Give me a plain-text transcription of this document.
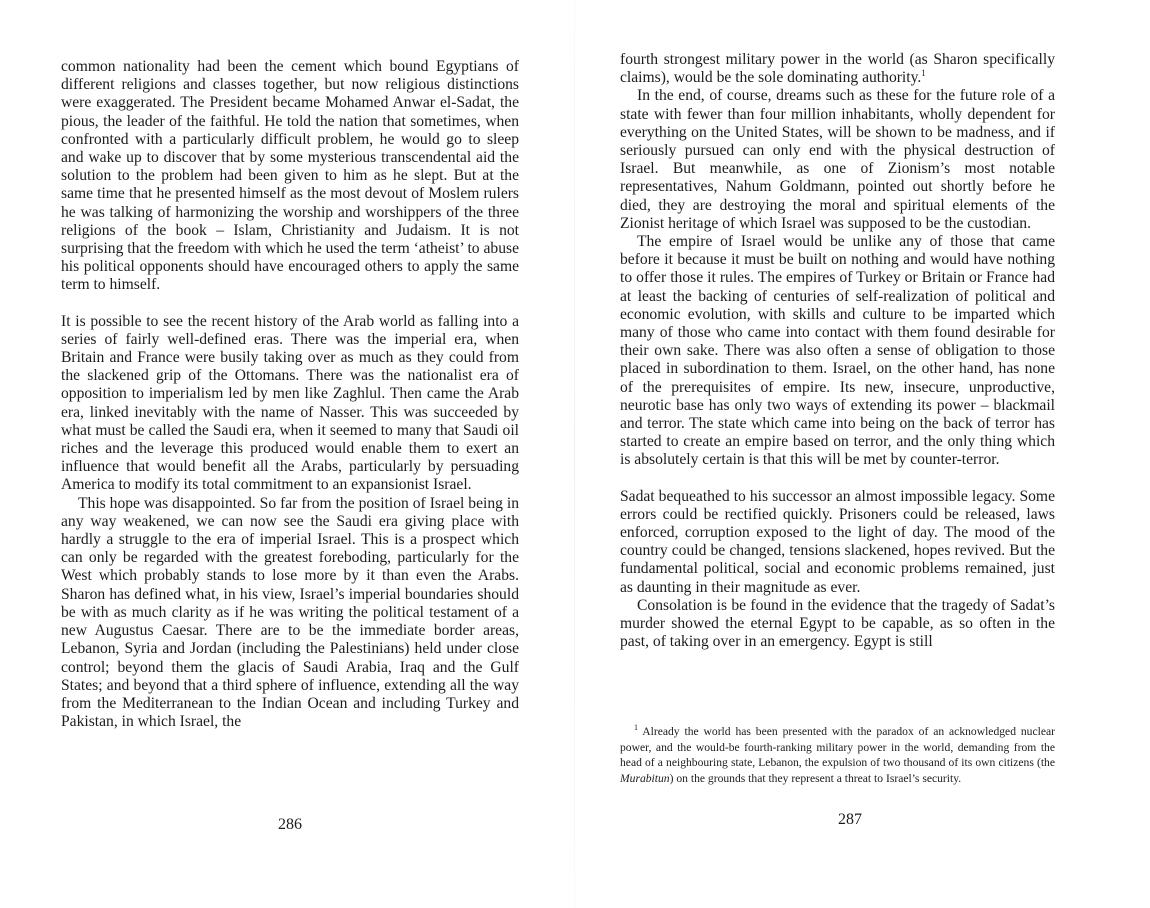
common nationality had been the cement which bound Egyptians of different religions and classes together, but now religious distinctions were exaggerated. The President became Mohamed Anwar el-Sadat, the pious, the leader of the faithful. He told the nation that sometimes, when confronted with a particularly difficult problem, he would go to sleep and wake up to discover that by some mysterious transcendental aid the solution to the problem had been given to him as he slept. But at the same time that he presented himself as the most devout of Moslem rulers he was talking of harmonizing the worship and worshippers of the three religions of the book – Islam, Christianity and Judaism. It is not surprising that the freedom with which he used the term ‘atheist’ to abuse his political opponents should have encouraged others to apply the same term to himself.

It is possible to see the recent history of the Arab world as falling into a series of fairly well-defined eras. There was the imperial era, when Britain and France were busily taking over as much as they could from the slackened grip of the Ottomans. There was the nationalist era of opposition to imperialism led by men like Zaghlul. Then came the Arab era, linked inevitably with the name of Nasser. This was succeeded by what must be called the Saudi era, when it seemed to many that Saudi oil riches and the leverage this produced would enable them to exert an influence that would benefit all the Arabs, particularly by persuading America to modify its total commitment to an expansionist Israel.

This hope was disappointed. So far from the position of Israel being in any way weakened, we can now see the Saudi era giving place with hardly a struggle to the era of imperial Israel. This is a prospect which can only be regarded with the greatest foreboding, particularly for the West which probably stands to lose more by it than even the Arabs. Sharon has defined what, in his view, Israel’s imperial boundaries should be with as much clarity as if he was writing the political testament of a new Augustus Caesar. There are to be the immediate border areas, Lebanon, Syria and Jordan (including the Palestinians) held under close control; beyond them the glacis of Saudi Arabia, Iraq and the Gulf States; and beyond that a third sphere of influence, extending all the way from the Mediterranean to the Indian Ocean and including Turkey and Pakistan, in which Israel, the

286

fourth strongest military power in the world (as Sharon specifically claims), would be the sole dominating authority.$^1$

In the end, of course, dreams such as these for the future role of a state with fewer than four million inhabitants, wholly dependent for everything on the United States, will be shown to be madness, and if seriously pursued can only end with the physical destruction of Israel. But meanwhile, as one of Zionism’s most notable representatives, Nahum Goldmann, pointed out shortly before he died, they are destroying the moral and spiritual elements of the Zionist heritage of which Israel was supposed to be the custodian.

The empire of Israel would be unlike any of those that came before it because it must be built on nothing and would have nothing to offer those it rules. The empires of Turkey or Britain or France had at least the backing of centuries of self-realization of political and economic evolution, with skills and culture to be imparted which many of those who came into contact with them found desirable for their own sake. There was also often a sense of obligation to those placed in subordination to them. Israel, on the other hand, has none of the prerequisites of empire. Its new, insecure, unproductive, neurotic base has only two ways of extending its power – blackmail and terror. The state which came into being on the back of terror has started to create an empire based on terror, and the only thing which is absolutely certain is that this will be met by counter-terror.

Sadat bequeathed to his successor an almost impossible legacy. Some errors could be rectified quickly. Prisoners could be released, laws enforced, corruption exposed to the light of day. The mood of the country could be changed, tensions slackened, hopes revived. But the fundamental political, social and economic problems remained, just as daunting in their magnitude as ever.

Consolation is be found in the evidence that the tragedy of Sadat’s murder showed the eternal Egypt to be capable, as so often in the past, of taking over in an emergency. Egypt is still

$^1$ Already the world has been presented with the paradox of an acknowledged nuclear power, and the would-be fourth-ranking military power in the world, demanding from the head of a neighbouring state, Lebanon, the expulsion of two thousand of its own citizens (the Murabitun) on the grounds that they represent a threat to Israel’s security.

287
